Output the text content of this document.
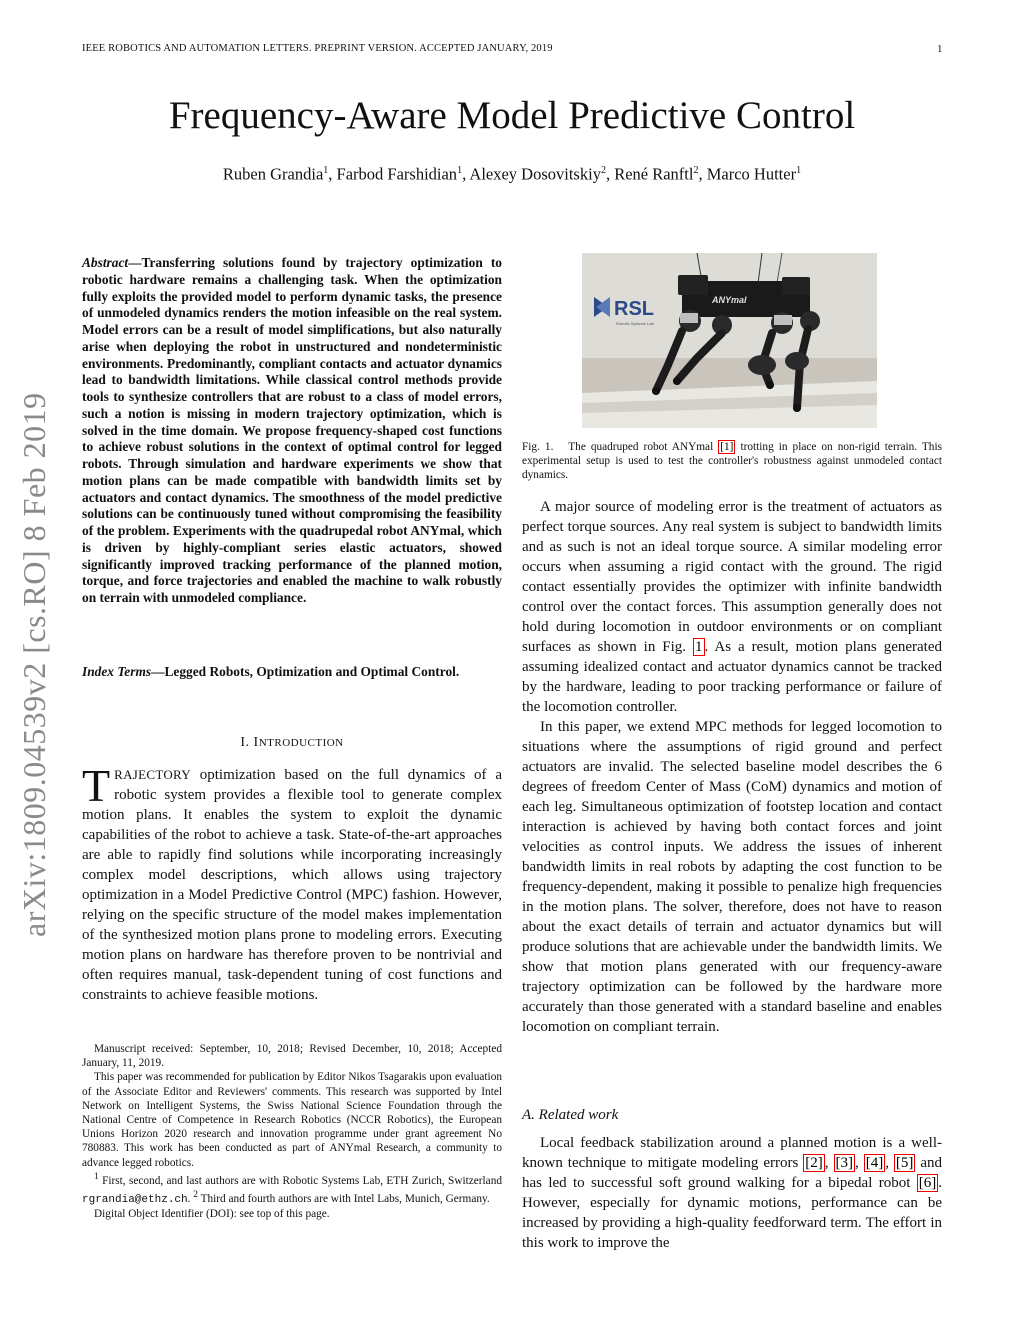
IEEE ROBOTICS AND AUTOMATION LETTERS. PREPRINT VERSION. ACCEPTED JANUARY, 2019	1
Frequency-Aware Model Predictive Control
Ruben Grandia$^1$, Farbod Farshidian$^1$, Alexey Dosovitskiy$^2$, René Ranftl$^2$, Marco Hutter$^1$
arXiv:1809.04539v2 [cs.RO] 8 Feb 2019
Abstract—Transferring solutions found by trajectory optimization to robotic hardware remains a challenging task. When the optimization fully exploits the provided model to perform dynamic tasks, the presence of unmodeled dynamics renders the motion infeasible on the real system. Model errors can be a result of model simplifications, but also naturally arise when deploying the robot in unstructured and nondeterministic environments. Predominantly, compliant contacts and actuator dynamics lead to bandwidth limitations. While classical control methods provide tools to synthesize controllers that are robust to a class of model errors, such a notion is missing in modern trajectory optimization, which is solved in the time domain. We propose frequency-shaped cost functions to achieve robust solutions in the context of optimal control for legged robots. Through simulation and hardware experiments we show that motion plans can be made compatible with bandwidth limits set by actuators and contact dynamics. The smoothness of the model predictive solutions can be continuously tuned without compromising the feasibility of the problem. Experiments with the quadrupedal robot ANYmal, which is driven by highly-compliant series elastic actuators, showed significantly improved tracking performance of the planned motion, torque, and force trajectories and enabled the machine to walk robustly on terrain with unmodeled compliance.
Index Terms—Legged Robots, Optimization and Optimal Control.
I. INTRODUCTION
TRAJECTORY optimization based on the full dynamics of a robotic system provides a flexible tool to generate complex motion plans. It enables the system to exploit the dynamic capabilities of the robot to achieve a task. State-of-the-art approaches are able to rapidly find solutions while incorporating increasingly complex model descriptions, which allows using trajectory optimization in a Model Predictive Control (MPC) fashion. However, relying on the specific structure of the model makes implementation of the synthesized motion plans prone to modeling errors. Executing motion plans on hardware has therefore proven to be nontrivial and often requires manual, task-dependent tuning of cost functions and constraints to achieve feasible motions.

Manuscript received: September, 10, 2018; Revised December, 10, 2018; Accepted January, 11, 2019.

This paper was recommended for publication by Editor Nikos Tsagarakis upon evaluation of the Associate Editor and Reviewers' comments. This research was supported by Intel Network on Intelligent Systems, the Swiss National Science Foundation through the National Centre of Competence in Research Robotics (NCCR Robotics), the European Unions Horizon 2020 research and innovation programme under grant agreement No 780883. This work has been conducted as part of ANYmal Research, a community to advance legged robotics.

$^1$ First, second, and last authors are with Robotic Systems Lab, ETH Zurich, Switzerland rgrandia@ethz.ch. $^2$ Third and fourth authors are with Intel Labs, Munich, Germany.

Digital Object Identifier (DOI): see top of this page.

RSL
Robotic Systems Lab
ANYmal
Fig. 1. The quadruped robot ANYmal [1] trotting in place on non-rigid terrain. This experimental setup is used to test the controller's robustness against unmodeled contact dynamics.

A major source of modeling error is the treatment of actuators as perfect torque sources. Any real system is subject to bandwidth limits and as such is not an ideal torque source. A similar modeling error occurs when assuming a rigid contact with the ground. The rigid contact essentially provides the optimizer with infinite bandwidth control over the contact forces. This assumption generally does not hold during locomotion in outdoor environments or on compliant surfaces as shown in Fig. 1 . As a result, motion plans generated assuming idealized contact and actuator dynamics cannot be tracked by the hardware, leading to poor tracking performance or failure of the locomotion controller.

In this paper, we extend MPC methods for legged locomotion to situations where the assumptions of rigid ground and perfect actuators are invalid. The selected baseline model describes the 6 degrees of freedom Center of Mass (CoM) dynamics and motion of each leg. Simultaneous optimization of footstep location and contact interaction is achieved by having both contact forces and joint velocities as control inputs. We address the issues of inherent bandwidth limits in real robots by adapting the cost function to be frequency-dependent, making it possible to penalize high frequencies in the motion plans. The solver, therefore, does not have to reason about the exact details of terrain and actuator dynamics but will produce solutions that are achievable under the bandwidth limits. We show that motion plans generated with our frequency-aware trajectory optimization can be followed by the hardware more accurately than those generated with a standard baseline and enables locomotion on compliant terrain.

A. Related work

Local feedback stabilization around a planned motion is a well-known technique to mitigate modeling errors [2] , [3] , [4] , [5] and has led to successful soft ground walking for a bipedal robot [6] . However, especially for dynamic motions, performance can be increased by providing a high-quality feedforward term. The effort in this work to improve the
